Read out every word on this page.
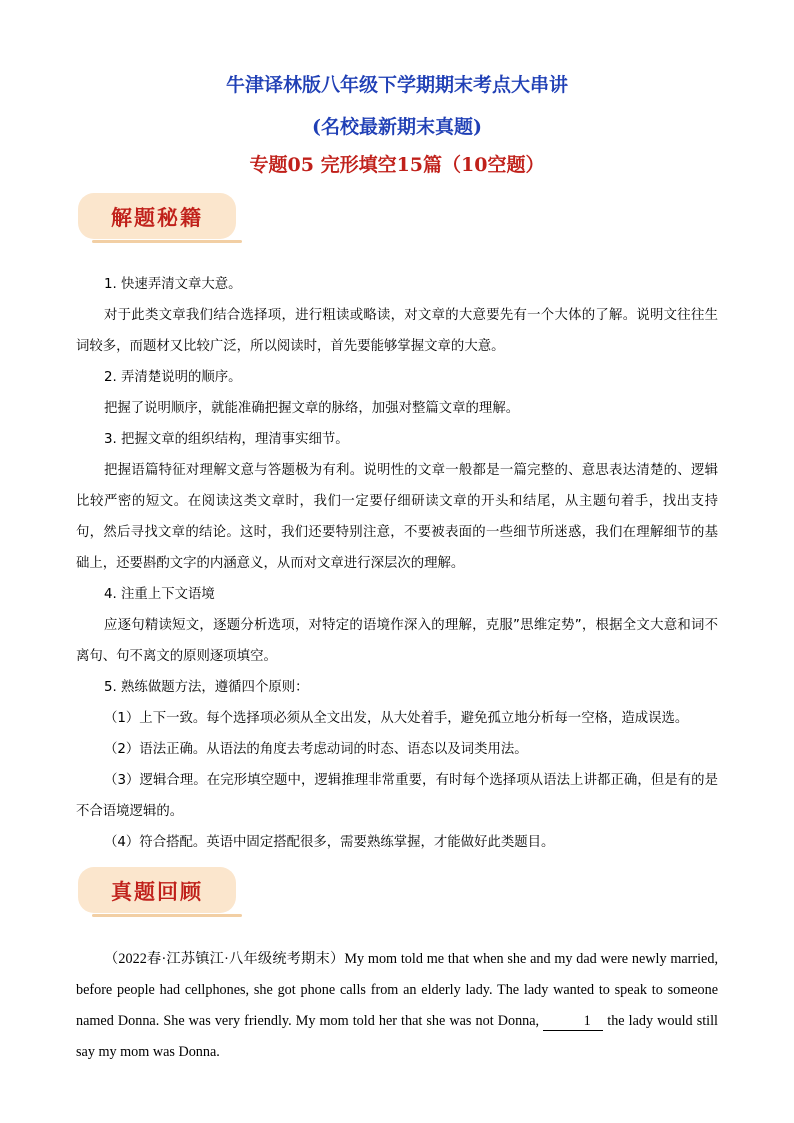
牛津译林版八年级下学期期末考点大串讲
(名校最新期末真题)
专题05 完形填空15篇（10空题）
解题秘籍

1. 快速弄清文章大意。

对于此类文章我们结合选择项，进行粗读或略读，对文章的大意要先有一个大体的了解。说明文往往生词较多，而题材又比较广泛，所以阅读时，首先要能够掌握文章的大意。

2. 弄清楚说明的顺序。

把握了说明顺序，就能准确把握文章的脉络，加强对整篇文章的理解。

3. 把握文章的组织结构，理清事实细节。

把握语篇特征对理解文意与答题极为有利。说明性的文章一般都是一篇完整的、意思表达清楚的、逻辑比较严密的短文。在阅读这类文章时，我们一定要仔细研读文章的开头和结尾，从主题句着手，找出支持句，然后寻找文章的结论。这时，我们还要特别注意，不要被表面的一些细节所迷惑，我们在理解细节的基础上，还要斟酌文字的内涵意义，从而对文章进行深层次的理解。

4. 注重上下文语境

应逐句精读短文，逐题分析选项，对特定的语境作深入的理解，克服”思维定势”，根据全文大意和词不离句、句不离文的原则逐项填空。

5. 熟练做题方法，遵循四个原则：

（1）上下一致。每个选择项必须从全文出发，从大处着手，避免孤立地分析每一空格，造成误选。

（2）语法正确。从语法的角度去考虑动词的时态、语态以及词类用法。

（3）逻辑合理。在完形填空题中，逻辑推理非常重要，有时每个选择项从语法上讲都正确，但是有的是不合语境逻辑的。

（4）符合搭配。英语中固定搭配很多，需要熟练掌握，才能做好此类题目。

真题回顾

（2022春·江苏镇江·八年级统考期末）My mom told me that when she and my dad were newly married, before people had cellphones, she got phone calls from an elderly lady. The lady wanted to speak to someone named Donna. She was very friendly. My mom told her that she was not Donna,	1 the lady would still say my mom was Donna.
